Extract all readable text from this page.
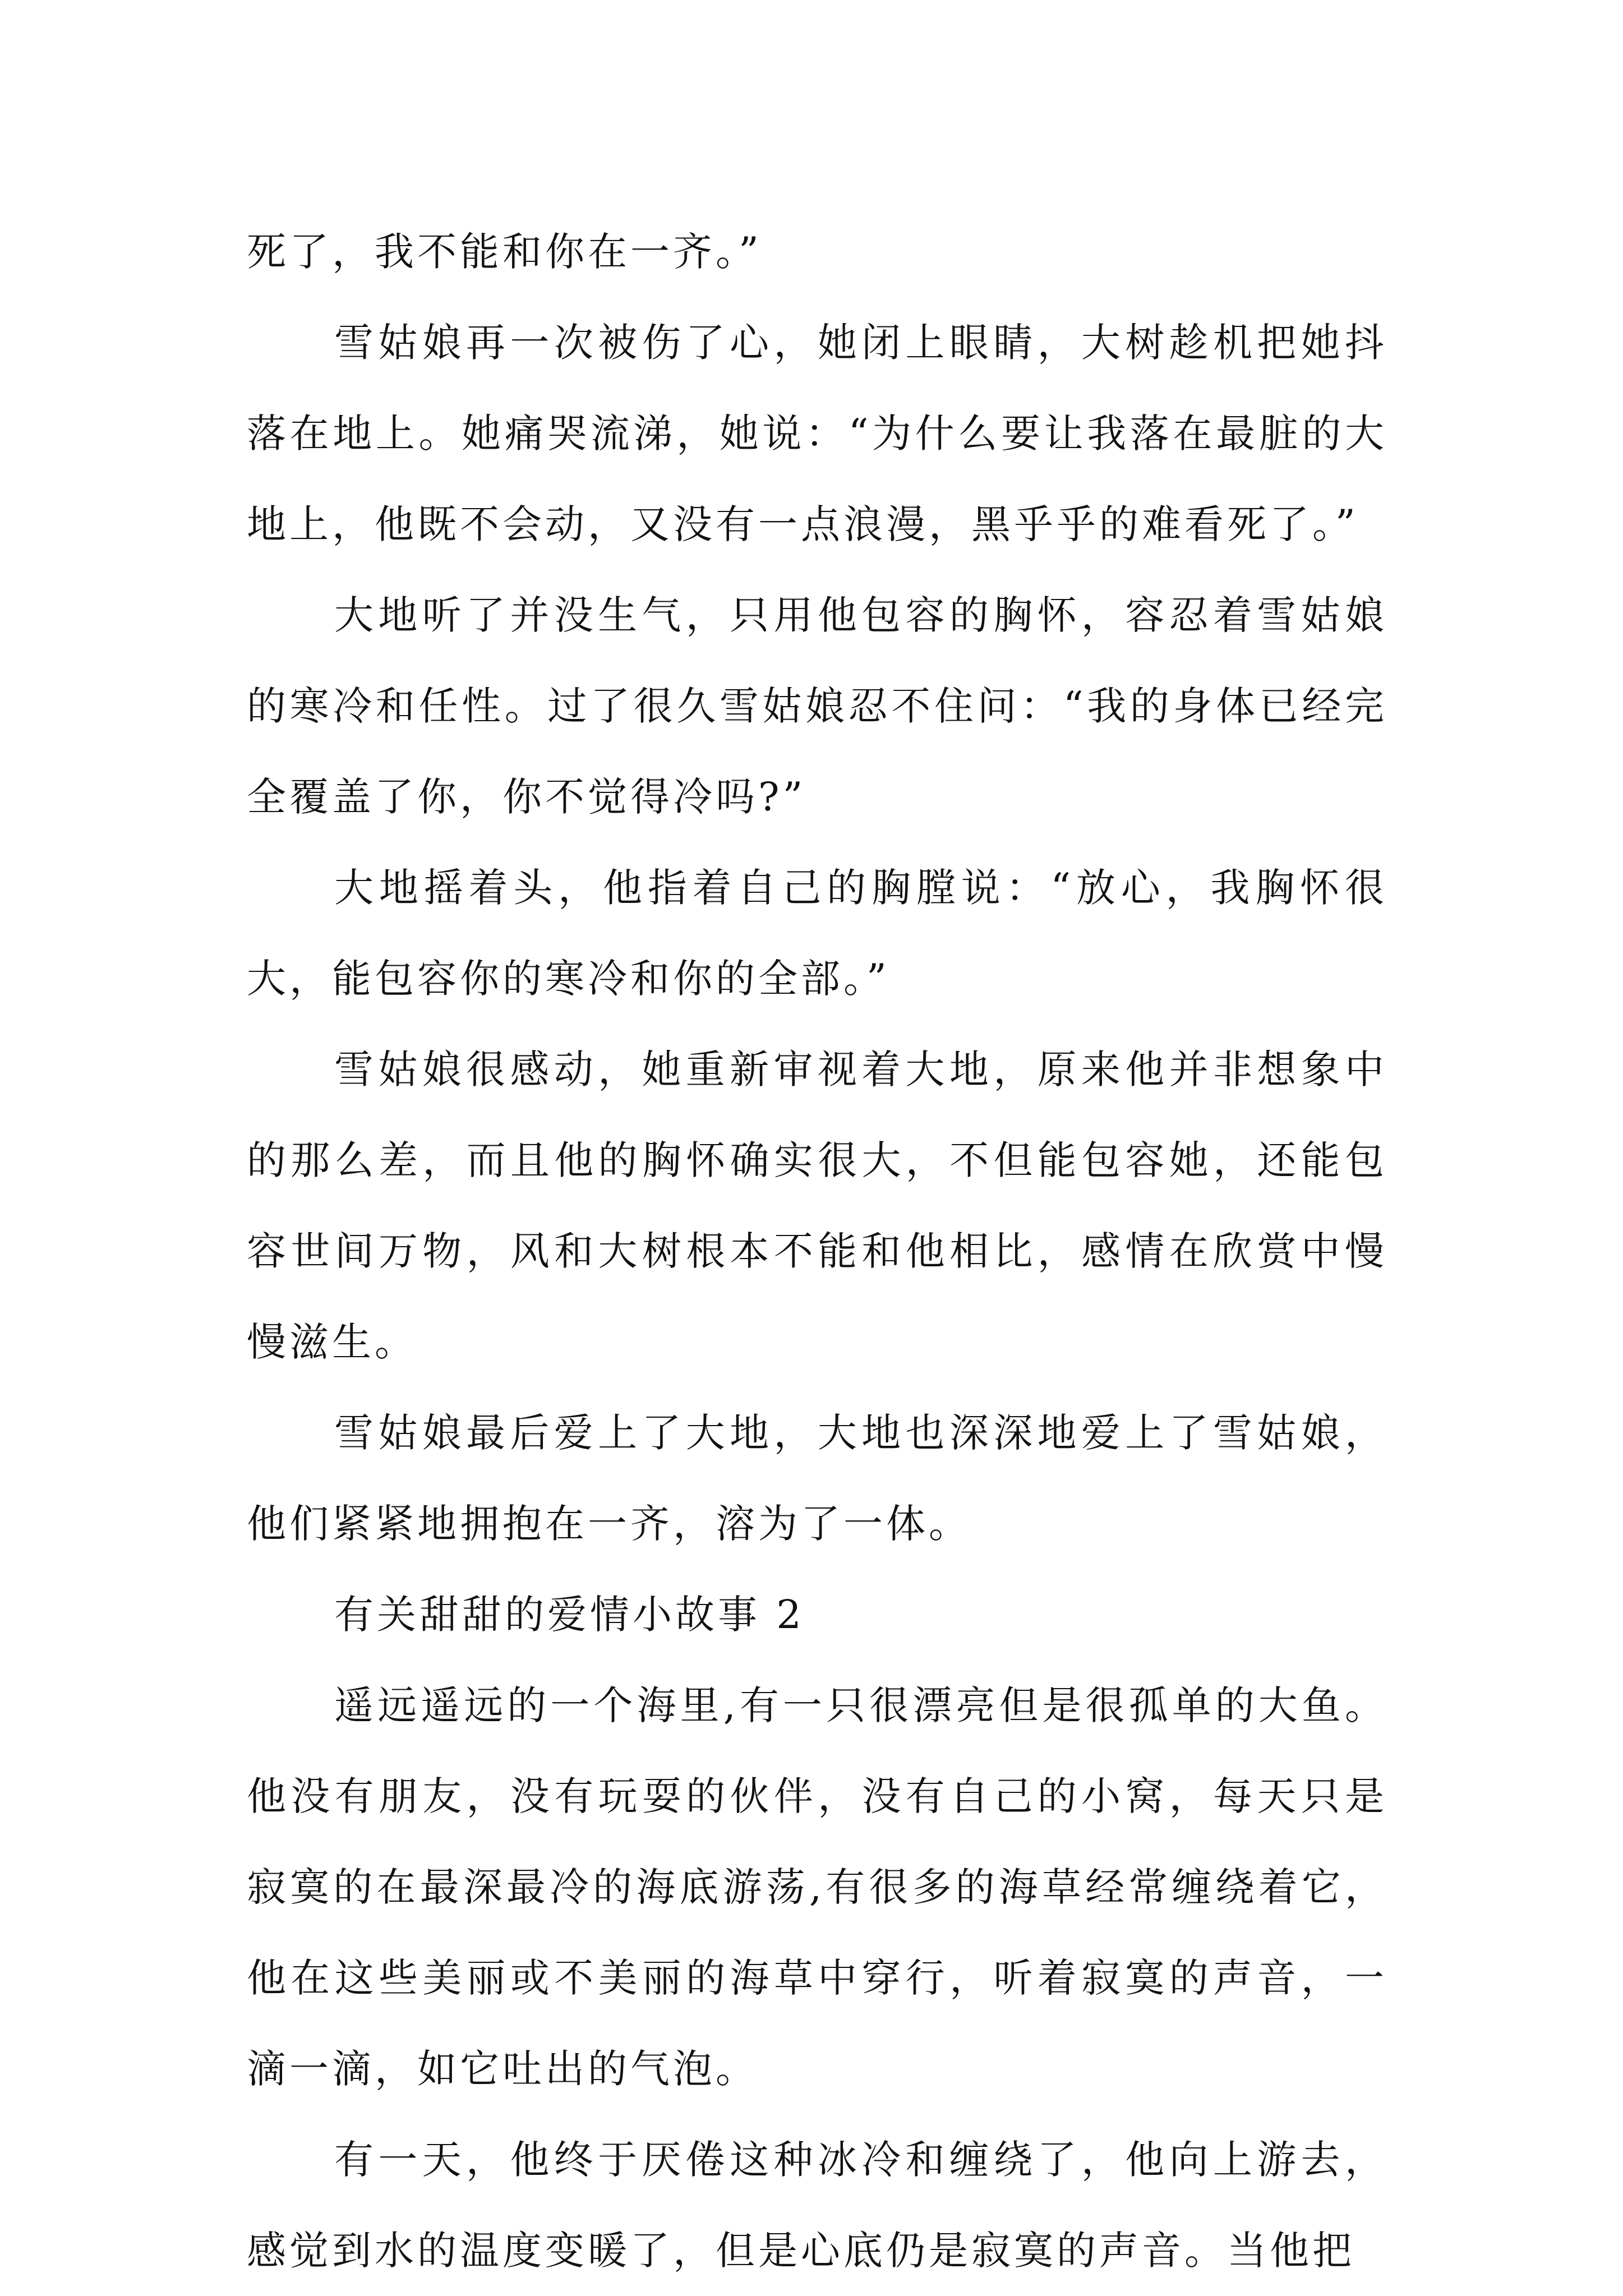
死了，我不能和你在一齐。”

雪姑娘再一次被伤了心，她闭上眼睛，大树趁机把她抖落在地上。她痛哭流涕，她说：“为什么要让我落在最脏的大地上，他既不会动，又没有一点浪漫，黑乎乎的难看死了。”

大地听了并没生气，只用他包容的胸怀，容忍着雪姑娘的寒冷和任性。过了很久雪姑娘忍不住问：“我的身体已经完全覆盖了你，你不觉得冷吗?”

大地摇着头，他指着自己的胸膛说：“放心，我胸怀很大，能包容你的寒冷和你的全部。”

雪姑娘很感动，她重新审视着大地，原来他并非想象中的那么差，而且他的胸怀确实很大，不但能包容她，还能包容世间万物，风和大树根本不能和他相比，感情在欣赏中慢慢滋生。

雪姑娘最后爱上了大地，大地也深深地爱上了雪姑娘，他们紧紧地拥抱在一齐，溶为了一体。

有关甜甜的爱情小故事 2

遥远遥远的一个海里,有一只很漂亮但是很孤单的大鱼。他没有朋友，没有玩耍的伙伴，没有自己的小窝，每天只是寂寞的在最深最冷的海底游荡,有很多的海草经常缠绕着它，他在这些美丽或不美丽的海草中穿行，听着寂寞的声音，一滴一滴，如它吐出的气泡。

有一天，他终于厌倦这种冰冷和缠绕了，他向上游去，感觉到水的温度变暖了，但是心底仍是寂寞的声音。当他把
